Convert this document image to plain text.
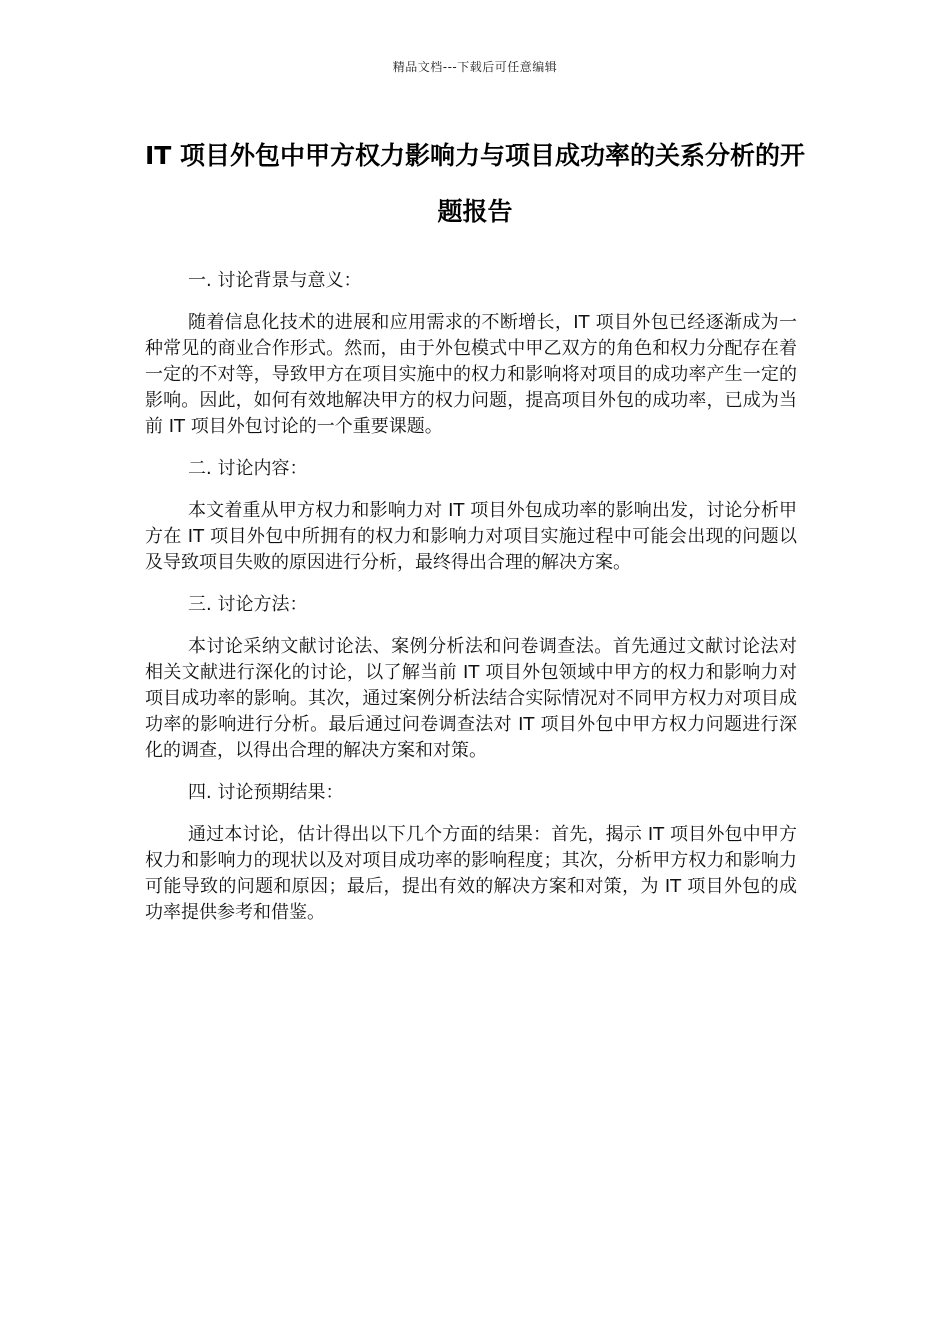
精品文档---下载后可任意编辑
IT 项目外包中甲方权力影响力与项目成功率的关系分析的开题报告

一. 讨论背景与意义：

随着信息化技术的进展和应用需求的不断增长，IT 项目外包已经逐渐成为一种常见的商业合作形式。然而，由于外包模式中甲乙双方的角色和权力分配存在着一定的不对等，导致甲方在项目实施中的权力和影响将对项目的成功率产生一定的影响。因此，如何有效地解决甲方的权力问题，提高项目外包的成功率，已成为当前 IT 项目外包讨论的一个重要课题。

二. 讨论内容：

本文着重从甲方权力和影响力对 IT 项目外包成功率的影响出发，讨论分析甲方在 IT 项目外包中所拥有的权力和影响力对项目实施过程中可能会出现的问题以及导致项目失败的原因进行分析，最终得出合理的解决方案。

三. 讨论方法：

本讨论采纳文献讨论法、案例分析法和问卷调查法。首先通过文献讨论法对相关文献进行深化的讨论，以了解当前 IT 项目外包领域中甲方的权力和影响力对项目成功率的影响。其次，通过案例分析法结合实际情况对不同甲方权力对项目成功率的影响进行分析。最后通过问卷调查法对 IT 项目外包中甲方权力问题进行深化的调查，以得出合理的解决方案和对策。

四. 讨论预期结果：

通过本讨论，估计得出以下几个方面的结果：首先，揭示 IT 项目外包中甲方权力和影响力的现状以及对项目成功率的影响程度；其次，分析甲方权力和影响力可能导致的问题和原因；最后，提出有效的解决方案和对策，为 IT 项目外包的成功率提供参考和借鉴。
